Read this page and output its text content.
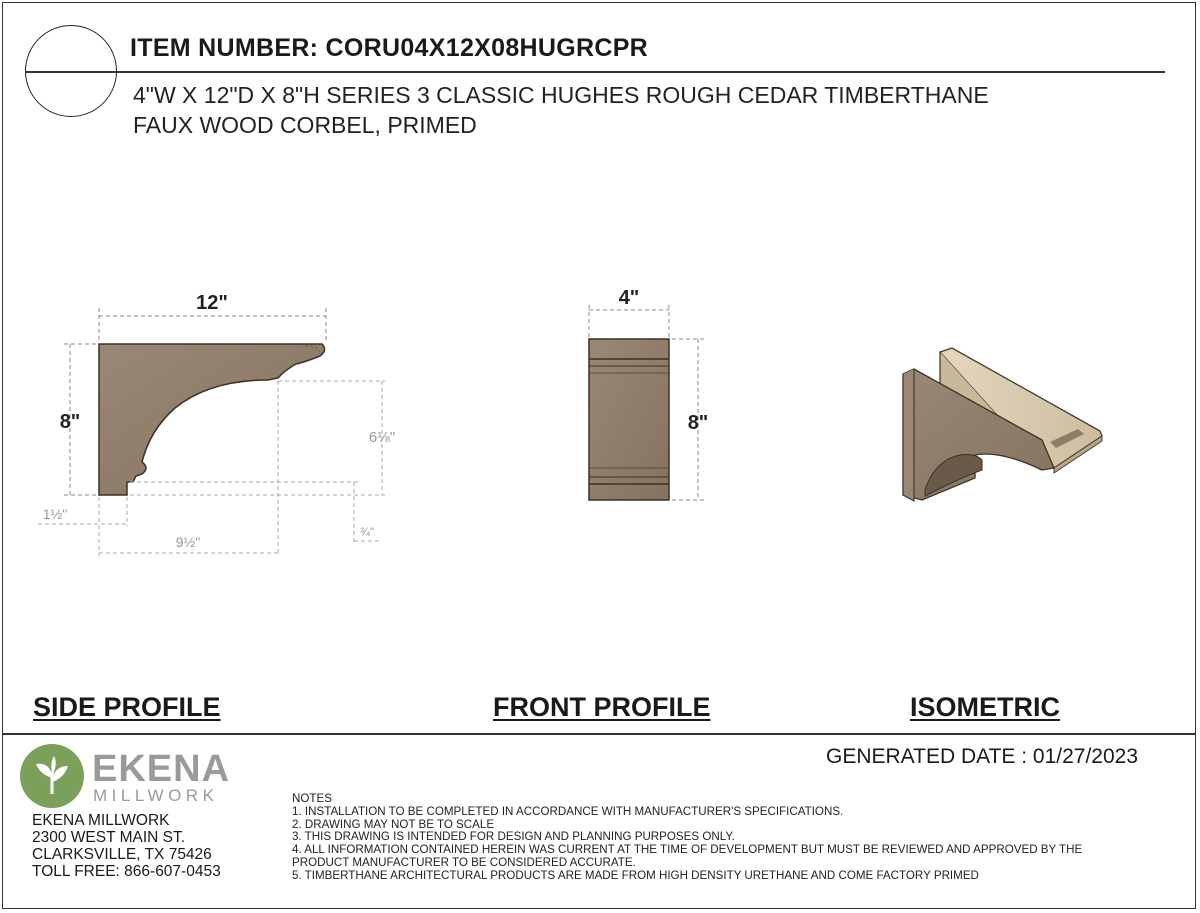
ITEM NUMBER: CORU04X12X08HUGRCPR
4"W X 12"D X 8"H SERIES 3 CLASSIC HUGHES ROUGH CEDAR TIMBERTHANE
FAUX WOOD CORBEL, PRIMED
12"
8"
6⅛"
1½"
9½"
¾"
4"
8"
SIDE PROFILE	FRONT PROFILE	ISOMETRIC
GENERATED DATE : 01/27/2023
EKENA
MILLWORK
EKENA MILLWORK
2300 WEST MAIN ST.
CLARKSVILLE, TX 75426
TOLL FREE: 866-607-0453
NOTES
1. INSTALLATION TO BE COMPLETED IN ACCORDANCE WITH MANUFACTURER'S SPECIFICATIONS.
2. DRAWING MAY NOT BE TO SCALE
3. THIS DRAWING IS INTENDED FOR DESIGN AND PLANNING PURPOSES ONLY.
4. ALL INFORMATION CONTAINED HEREIN WAS CURRENT AT THE TIME OF DEVELOPMENT BUT MUST BE REVIEWED AND APPROVED BY THE
PRODUCT MANUFACTURER TO BE CONSIDERED ACCURATE.
5. TIMBERTHANE ARCHITECTURAL PRODUCTS ARE MADE FROM HIGH DENSITY URETHANE AND COME FACTORY PRIMED
